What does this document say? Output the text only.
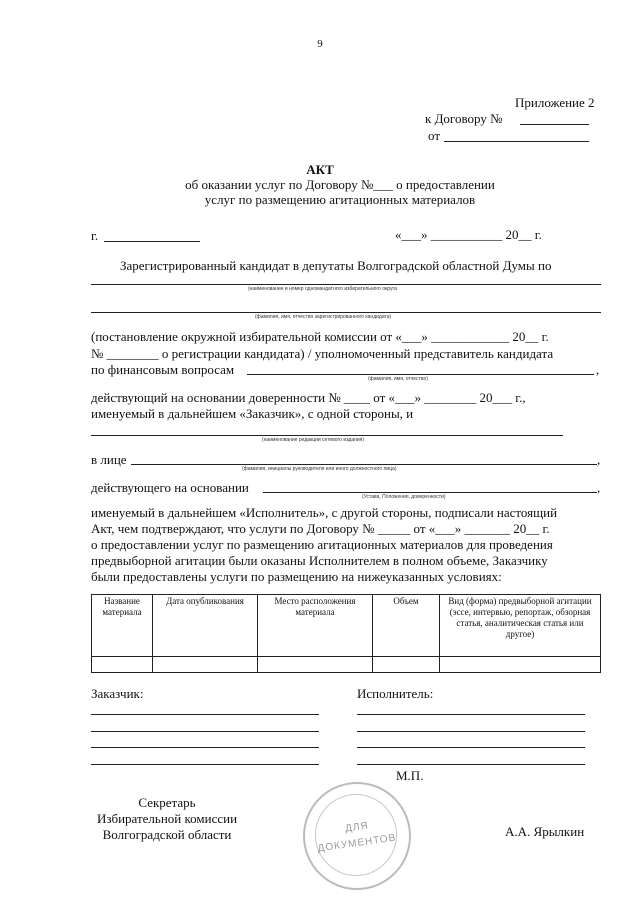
9
Приложение 2
к Договору №
от
АКТ
об оказании услуг по Договору №___ о предоставлении
услуг по размещению агитационных материалов
г.	«___» ___________ 20__ г.
Зарегистрированный кандидат в депутаты Волгоградской областной Думы по
(наименование и номер одномандатного избирательного округа
(фамилия, имя, отчество зарегистрированного кандидата)
(постановление окружной избирательной комиссии от «___» ____________ 20__ г.
№ ________ о регистрации кандидата) / уполномоченный представитель кандидата
по финансовым вопросам	,
(фамилия, имя, отчество)
действующий на основании доверенности № ____ от «___» ________ 20___ г.,
именуемый в дальнейшем «Заказчик», с одной стороны, и
(наименование редакции сетевого издания)
в лице	,
(фамилия, инициалы руководителя или иного должностного лица)
действующего на основании	,
(Устава, Положения, доверенности)
именуемый в дальнейшем «Исполнитель», с другой стороны, подписали настоящий
Акт, чем подтверждают, что услуги по Договору № _____ от «___» _______ 20__ г.
о предоставлении услуг по размещению агитационных материалов для проведения
предвыборной агитации были оказаны Исполнителем в полном объеме, Заказчику
были предоставлены услуги по размещению на нижеуказанных условиях:
Название материала	Дата опубликования	Место расположения материала	Объем	Вид (форма) предвыборной агитации (эссе, интервью, репортаж, обзорная статья, аналитическая статья или другое)

Заказчик:	Исполнитель:
М.П.
Секретарь
Избирательной комиссии
Волгоградской области	ДЛЯ
ДОКУМЕНТОВ
А.А. Ярылкин
